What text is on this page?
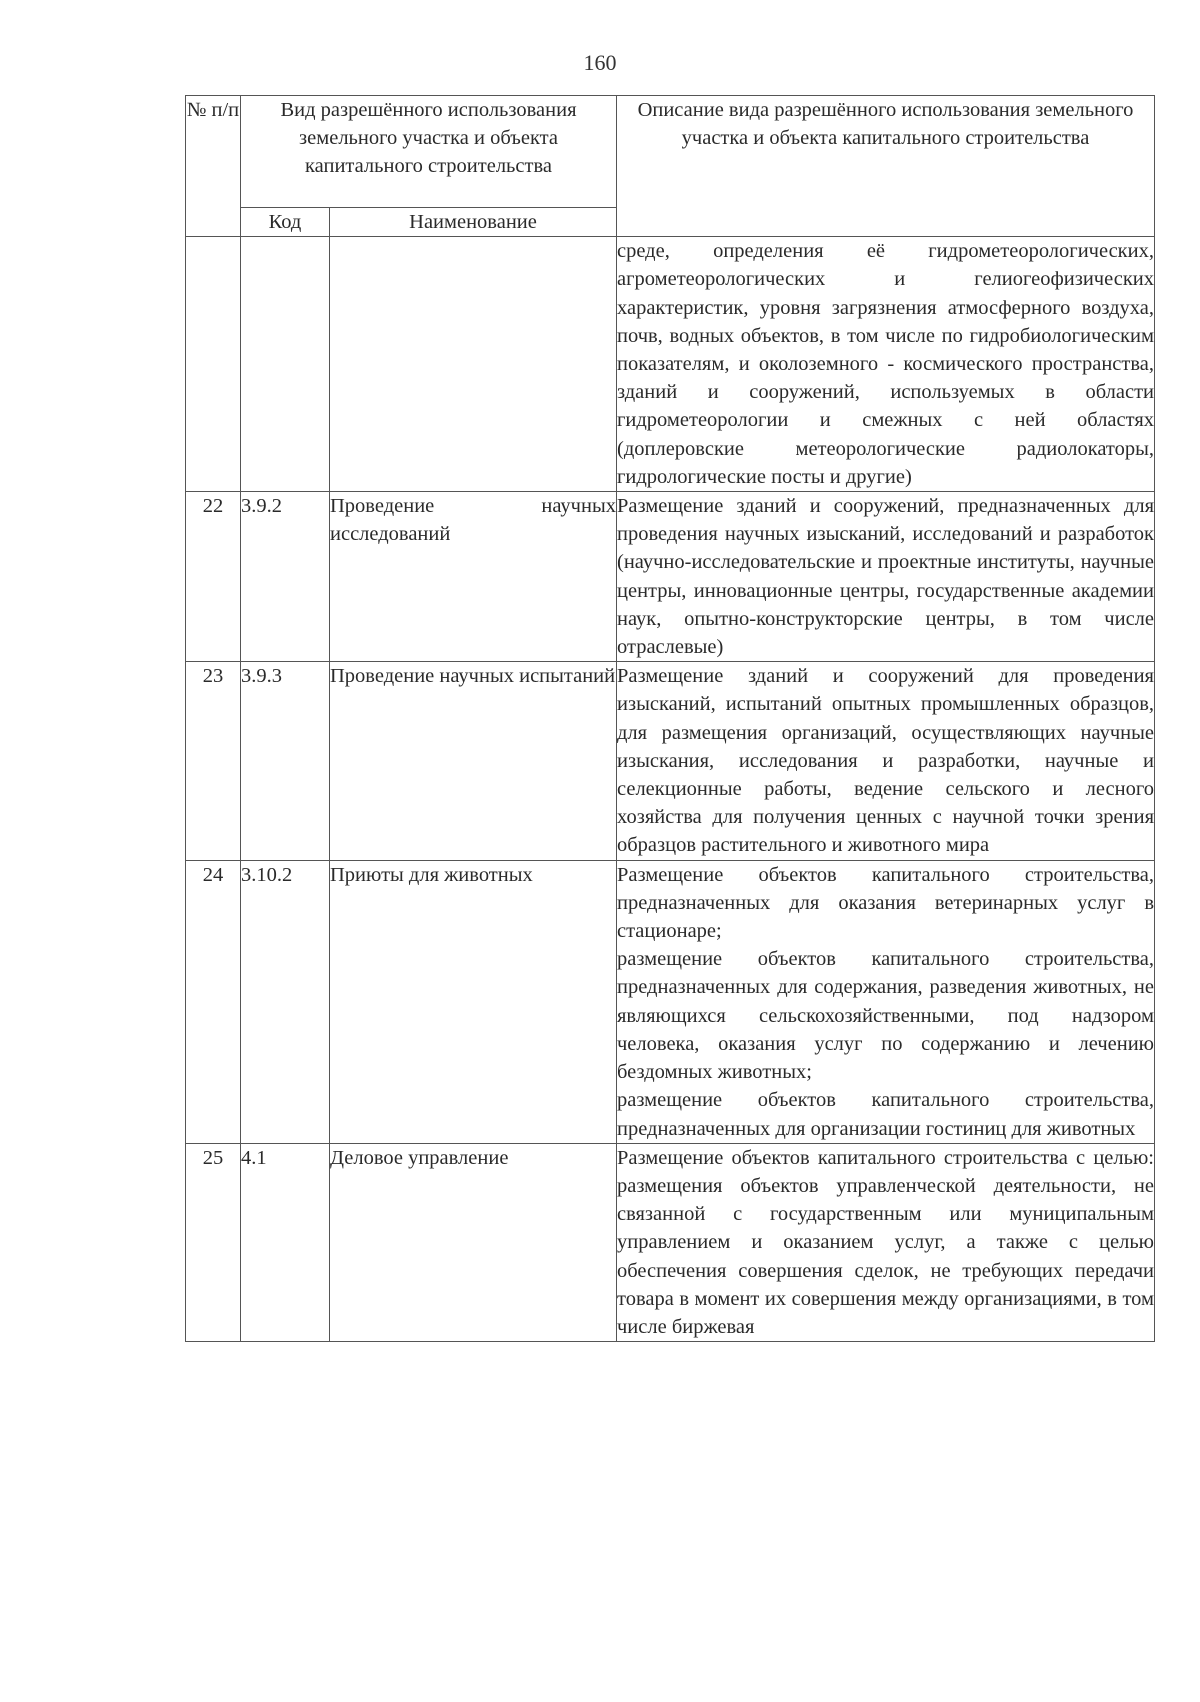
160
№ п/п	Вид разрешённого использования земельного участка и объекта капитального строительства		Описание вида разрешённого использования земельного участка и объекта капитального строительства
	Код	Наименование	

			среде, определения её гидрометеорологических, агрометеорологических и гелиогеофизических характеристик, уровня загрязнения атмосферного воздуха, почв, водных объектов, в том числе по гидробиологическим показателям, и околоземного - космического пространства, зданий и сооружений, используемых в области гидрометеорологии и смежных с ней областях (доплеровские метеорологические радиолокаторы, гидрологические посты и другие)

22	3.9.2	Проведение научных исследований	Размещение зданий и сооружений, предназначенных для проведения научных изысканий, исследований и разработок (научно-исследовательские и проектные институты, научные центры, инновационные центры, государственные академии наук, опытно-конструкторские центры, в том числе отраслевые)

23	3.9.3	Проведение научных испытаний	Размещение зданий и сооружений для проведения изысканий, испытаний опытных промышленных образцов, для размещения организаций, осуществляющих научные изыскания, исследования и разработки, научные и селекционные работы, ведение сельского и лесного хозяйства для получения ценных с научной точки зрения образцов растительного и животного мира

24	3.10.2	Приюты для животных	Размещение объектов капитального строительства, предназначенных для оказания ветеринарных услуг в стационаре;

размещение объектов капитального строительства, предназначенных для содержания, разведения животных, не являющихся сельскохозяйственными, под надзором человека, оказания услуг по содержанию и лечению бездомных животных;

размещение объектов капитального строительства, предназначенных для организации гостиниц для животных

25	4.1	Деловое управление	Размещение объектов капитального строительства с целью: размещения объектов управленческой деятельности, не связанной с государственным или муниципальным управлением и оказанием услуг, а также с целью обеспечения совершения сделок, не требующих передачи товара в момент их совершения между организациями, в том числе биржевая
